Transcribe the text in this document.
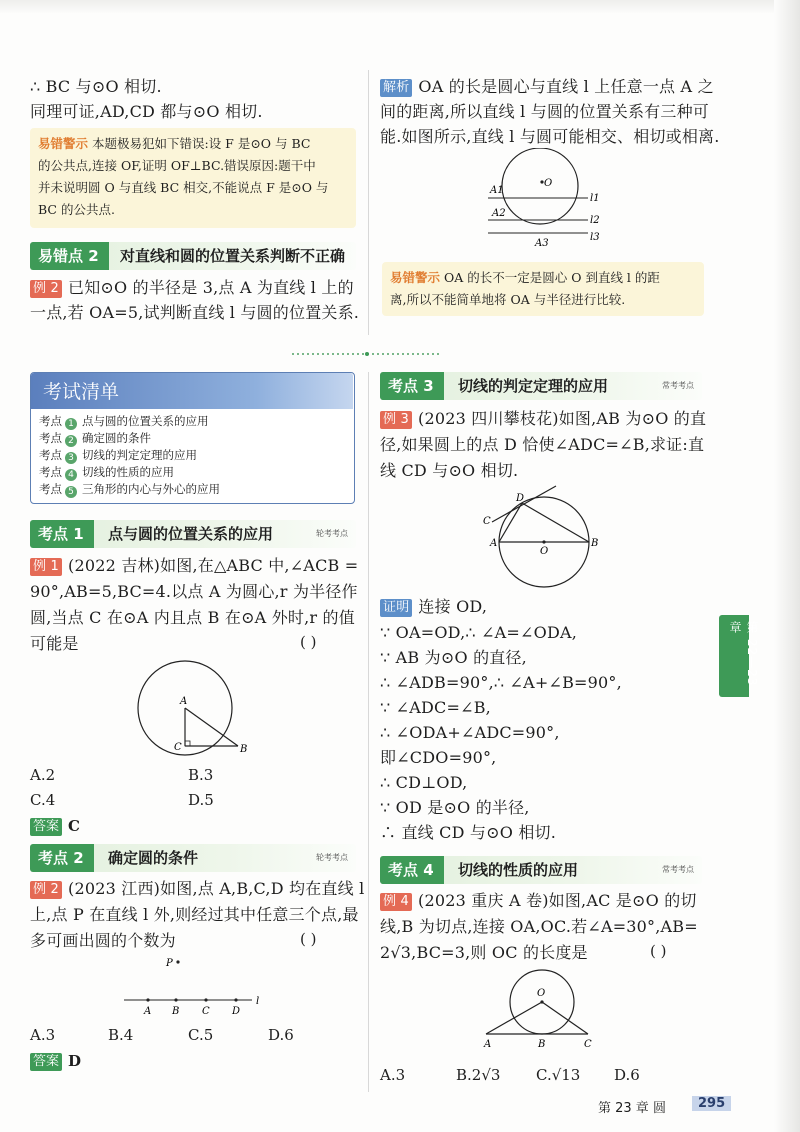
∴ BC 与⊙O 相切.
同理可证,AD,CD 都与⊙O 相切.
易错警示 本题极易犯如下错误:设 F 是⊙O 与 BC
的公共点,连接 OF,证明 OF⊥BC.错误原因:题干中
并未说明圆 O 与直线 BC 相交,不能说点 F 是⊙O 与
BC 的公共点.
易错点 2	对直线和圆的位置关系判断不正确
例 2 已知⊙O 的半径是 3,点 A 为直线 l 上的
一点,若 OA=5,试判断直线 l 与圆的位置关系.
解析 OA 的长是圆心与直线 l 上任意一点 A 之
间的距离,所以直线 l 与圆的位置关系有三种可
能.如图所示,直线 l 与圆可能相交、相切或相离.
O
A1
A2
A3
l1
l2
l3
易错警示 OA 的长不一定是圆心 O 到直线 l 的距
离,所以不能简单地将 OA 与半径进行比较.
考试清单
考点 1 点与圆的位置关系的应用
考点 2 确定圆的条件
考点 3 切线的判定定理的应用
考点 4 切线的性质的应用
考点 5 三角形的内心与外心的应用
考点 1	点与圆的位置关系的应用	轮考考点
例 1 (2022 吉林)如图,在△ABC 中,∠ACB =
90°,AB=5,BC=4.以点 A 为圆心,r 为半径作
圆,当点 C 在⊙A 内且点 B 在⊙A 外时,r 的值
可能是	( )
A
C	B
A.2	B.3
C.4	D.5
答案 C
考点 2	确定圆的条件	轮考考点
例 2 (2023 江西)如图,点 A,B,C,D 均在直线 l
上,点 P 在直线 l 外,则经过其中任意三个点,最
多可画出圆的个数为	( )
P
A B C D
l
A.3	B.4	C.5	D.6
答案 D
考点 3	切线的判定定理的应用	常考考点
例 3 (2023 四川攀枝花)如图,AB 为⊙O 的直
径,如果圆上的点 D 恰使∠ADC=∠B,求证:直
线 CD 与⊙O 相切.
D
C
A
O
B
证明 连接 OD,
∵ OA=OD,∴ ∠A=∠ODA,
∵ AB 为⊙O 的直径,
∴ ∠ADB=90°,∴ ∠A+∠B=90°,
∵ ∠ADC=∠B,
∴ ∠ODA+∠ADC=90°,
即∠CDO=90°,
∴ CD⊥OD,
∵ OD 是⊙O 的半径,
∴ 直线 CD 与⊙O 相切.
考点 4	切线的性质的应用	常考考点
例 4 (2023 重庆 A 卷)如图,AC 是⊙O 的切
线,B 为切点,连接 OA,OC.若∠A=30°,AB=
2√3,BC=3,则 OC 的长度是	( )
O
A	B	C
A.3	B.2√3 C.√13 D.6
第 22—23 章
第 23 章 圆	295
